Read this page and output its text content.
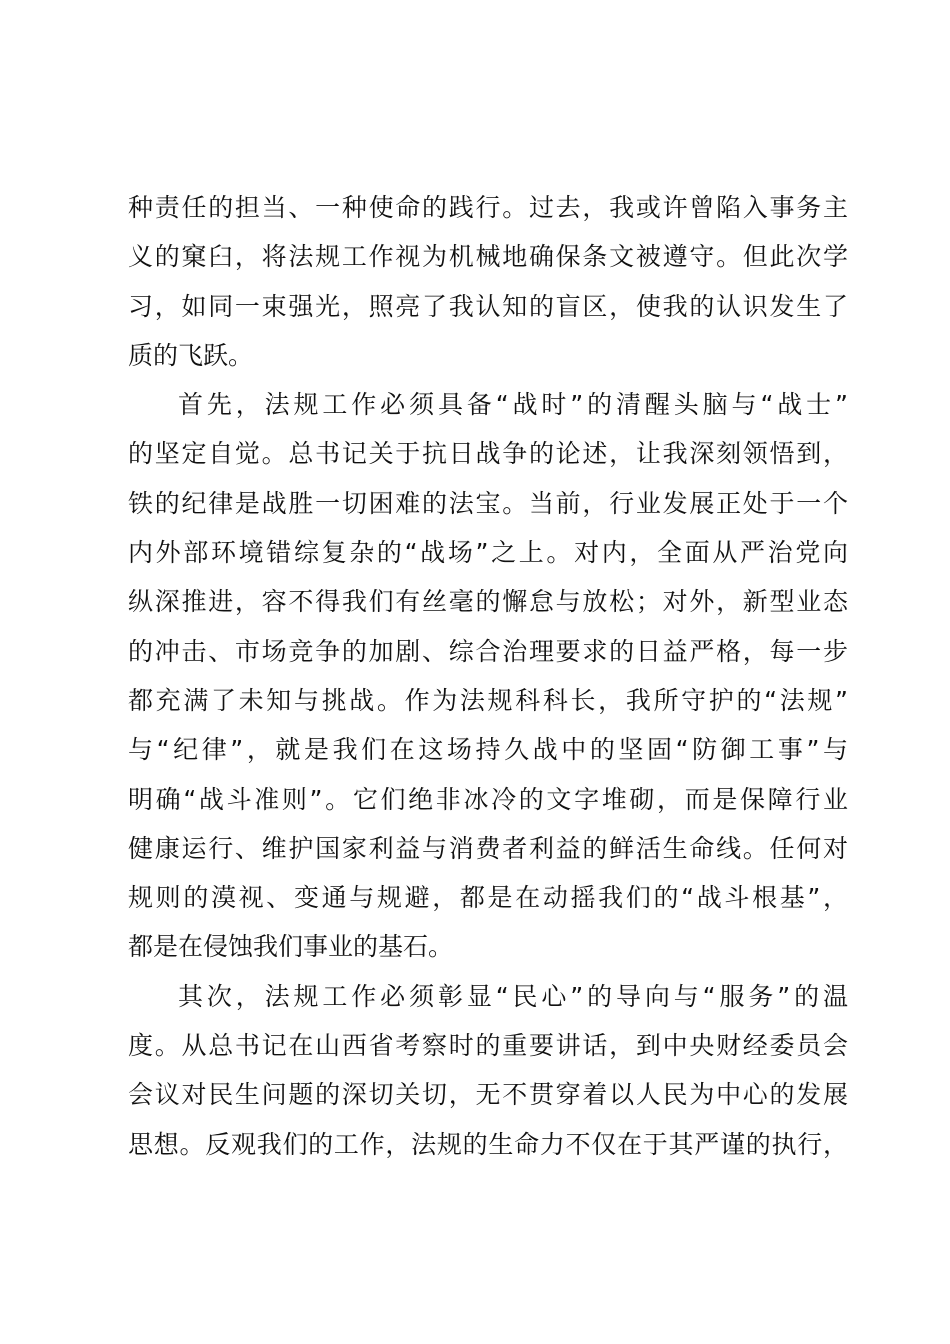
种责任的担当、一种使命的践行。过去，我或许曾陷入事务主
义的窠臼，将法规工作视为机械地确保条文被遵守。但此次学
习，如同一束强光，照亮了我认知的盲区，使我的认识发生了
质的飞跃。
首先，法规工作必须具备“战时”的清醒头脑与“战士”
的坚定自觉。总书记关于抗日战争的论述，让我深刻领悟到，
铁的纪律是战胜一切困难的法宝。当前，行业发展正处于一个
内外部环境错综复杂的“战场”之上。对内，全面从严治党向
纵深推进，容不得我们有丝毫的懈怠与放松；对外，新型业态
的冲击、市场竞争的加剧、综合治理要求的日益严格，每一步
都充满了未知与挑战。作为法规科科长，我所守护的“法规”
与“纪律”，就是我们在这场持久战中的坚固“防御工事”与
明确“战斗准则”。它们绝非冰冷的文字堆砌，而是保障行业
健康运行、维护国家利益与消费者利益的鲜活生命线。任何对
规则的漠视、变通与规避，都是在动摇我们的“战斗根基”，
都是在侵蚀我们事业的基石。
其次，法规工作必须彰显“民心”的导向与“服务”的温
度。从总书记在山西省考察时的重要讲话，到中央财经委员会
会议对民生问题的深切关切，无不贯穿着以人民为中心的发展
思想。反观我们的工作，法规的生命力不仅在于其严谨的执行，
